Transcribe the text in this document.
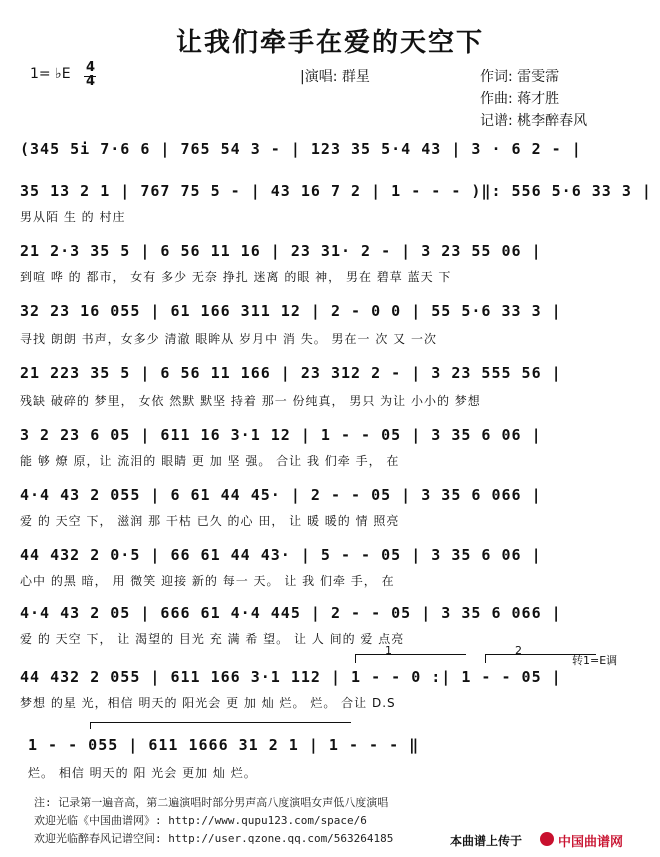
让我们牵手在爱的天空下
1= ♭E 4
4	|演唱: 群星	作词: 雷雯霈
作曲: 蒋才胜
记谱: 桃李醉春风
(345 5i 7·6 6 | 765 54 3 - | 123 35 5·4 43 | 3 · 6 2 - |
35 13 2 1 | 767 75 5 - | 43 16 7 2 | 1 - - - )‖: 556 5·6 33 3 |
男从陌 生 的 村庄
21 2·3 35 5 | 6 56 11 16 | 23 31· 2 - | 3 23 55 06 |
到喧 哗 的 都市， 女有 多少 无奈 挣扎 迷离 的眼 神， 男在 碧草 蓝天 下
32 23 16 055 | 61 166 311 12 | 2 - 0 0 | 55 5·6 33 3 |
寻找 朗朗 书声，女多少 清澈 眼眸从 岁月中 消 失。 男在一 次 又 一次
21 223 35 5 | 6 56 11 166 | 23 312 2 - | 3 23 555 56 |
残缺 破碎的 梦里， 女依 然默 默坚 持着 那一 份纯真， 男只 为让 小小的 梦想
3 2 23 6 05 | 611 16 3·1 12 | 1 - - 05 | 3 35 6 06 |
能 够 燎 原，让 流泪的 眼睛 更 加 坚 强。 合让 我 们牵 手， 在
4·4 43 2 055 | 6 61 44 45· | 2 - - 05 | 3 35 6 066 |
爱 的 天空 下， 滋润 那 干枯 已久 的心 田， 让 暖 暖的 情 照亮
44 432 2 0·5 | 66 61 44 43· | 5 - - 05 | 3 35 6 06 |
心中 的黑 暗， 用 微笑 迎接 新的 每一 天。 让 我 们牵 手， 在
4·4 43 2 05 | 666 61 4·4 445 | 2 - - 05 | 3 35 6 066 |
爱 的 天空 下， 让 渴望的 目光 充 满 希 望。 让 人 间的 爱 点亮
1	2
转1=E调
44 432 2 055 | 611 166 3·1 112 | 1 - - 0 :| 1 - - 05 |
梦想 的星 光，相信 明天的 阳光会 更 加 灿 烂。 烂。 合让 D.S
1 - - 055 | 611 1666 31 2 1 | 1 - - - ‖
烂。 相信 明天的 阳 光会 更加 灿 烂。
注: 记录第一遍音高，第二遍演唱时部分男声高八度演唱女声低八度演唱
欢迎光临《中国曲谱网》: http://www.qupu123.com/space/6
欢迎光临醉春风记谱空间: http://user.qzone.qq.com/563264185	本曲谱上传于	中国曲谱网
